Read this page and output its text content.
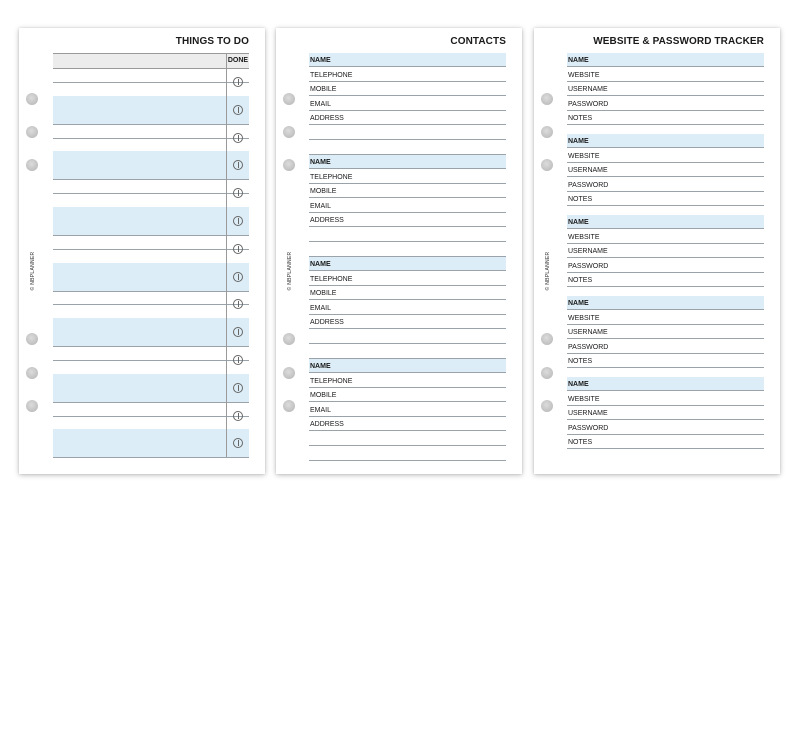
THINGS TO DO
© NBPLANNER
DONE
CONTACTS
© NBPLANNER
NAME
TELEPHONE
MOBILE
EMAIL
ADDRESS
NAME
TELEPHONE
MOBILE
EMAIL
ADDRESS
NAME
TELEPHONE
MOBILE
EMAIL
ADDRESS
NAME
TELEPHONE
MOBILE
EMAIL
ADDRESS
WEBSITE & PASSWORD TRACKER
© NBPLANNER
NAME
WEBSITE
USERNAME
PASSWORD
NOTES
NAME
WEBSITE
USERNAME
PASSWORD
NOTES
NAME
WEBSITE
USERNAME
PASSWORD
NOTES
NAME
WEBSITE
USERNAME
PASSWORD
NOTES
NAME
WEBSITE
USERNAME
PASSWORD
NOTES
